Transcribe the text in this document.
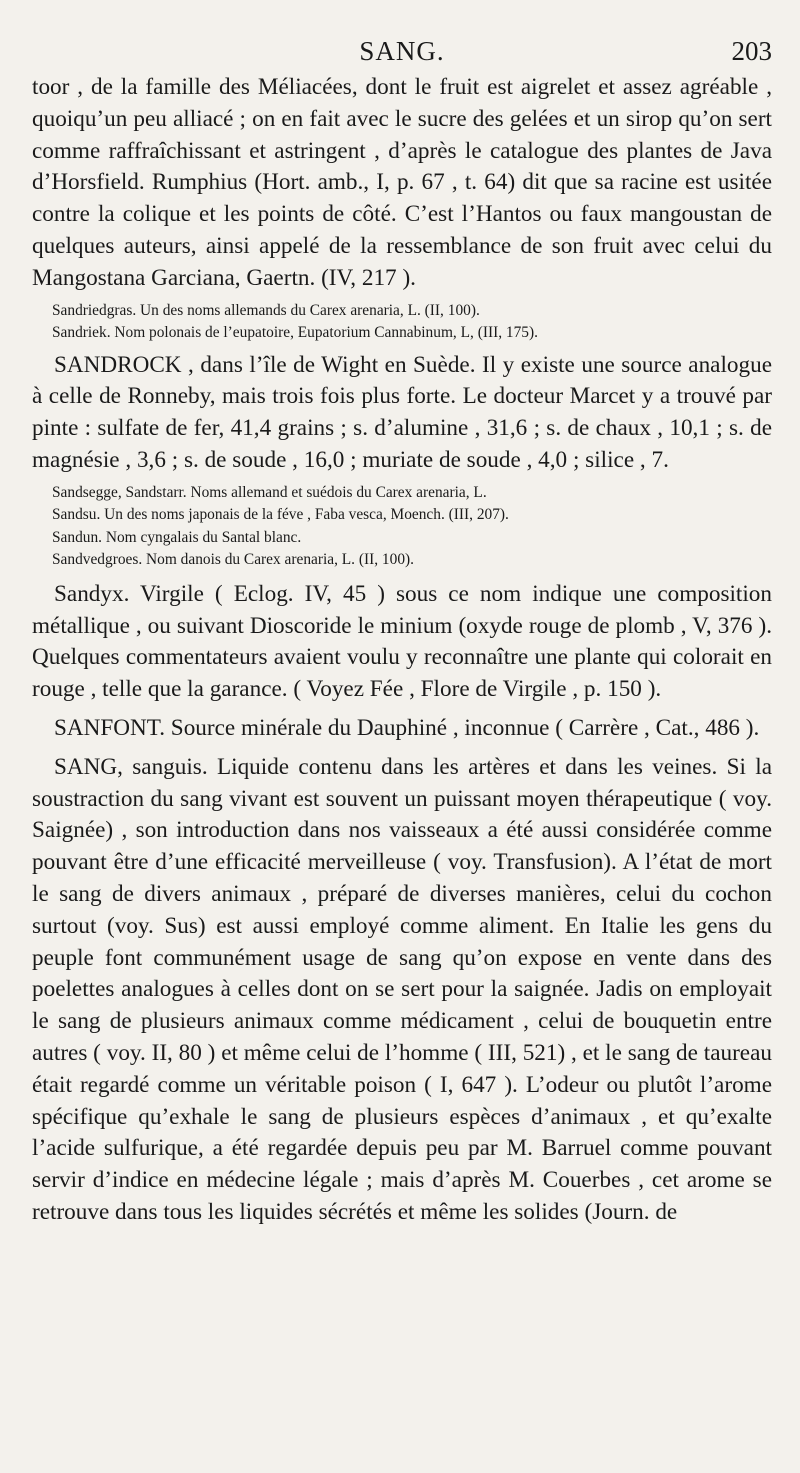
SANG.	203

toor , de la famille des Méliacées, dont le fruit est aigrelet et assez agréable , quoiqu’un peu alliacé ; on en fait avec le sucre des gelées et un sirop qu’on sert comme raffraîchissant et astringent , d’après le catalogue des plantes de Java d’Horsfield. Rumphius (Hort. amb., I, p. 67 , t. 64) dit que sa racine est usitée contre la colique et les points de côté. C’est l’Hantos ou faux mangoustan de quelques auteurs, ainsi appelé de la ressemblance de son fruit avec celui du Mangostana Garciana, Gaertn. (IV, 217 ).

Sandriedgras. Un des noms allemands du Carex arenaria, L. (II, 100).

Sandriek. Nom polonais de l’eupatoire, Eupatorium Cannabinum, L, (III, 175).

SANDROCK , dans l’île de Wight en Suède. Il y existe une source analogue à celle de Ronneby, mais trois fois plus forte. Le docteur Marcet y a trouvé par pinte : sulfate de fer, 41,4 grains ; s. d’alumine , 31,6 ; s. de chaux , 10,1 ; s. de magnésie , 3,6 ; s. de soude , 16,0 ; muriate de soude , 4,0 ; silice , 7.

Sandsegge, Sandstarr. Noms allemand et suédois du Carex arenaria, L.

Sandsu. Un des noms japonais de la féve , Faba vesca, Moench. (III, 207).

Sandun. Nom cyngalais du Santal blanc.

Sandvedgroes. Nom danois du Carex arenaria, L. (II, 100).

Sandyx. Virgile ( Eclog. IV, 45 ) sous ce nom indique une composition métallique , ou suivant Dioscoride le minium (oxyde rouge de plomb , V, 376 ). Quelques commentateurs avaient voulu y reconnaître une plante qui colorait en rouge , telle que la garance. ( Voyez Fée , Flore de Virgile , p. 150 ).

SANFONT. Source minérale du Dauphiné , inconnue ( Carrère , Cat., 486 ).

SANG, sanguis. Liquide contenu dans les artères et dans les veines. Si la soustraction du sang vivant est souvent un puissant moyen thérapeutique ( voy. Saignée) , son introduction dans nos vaisseaux a été aussi considérée comme pouvant être d’une efficacité merveilleuse ( voy. Transfusion). A l’état de mort le sang de divers animaux , préparé de diverses manières, celui du cochon surtout (voy. Sus) est aussi employé comme aliment. En Italie les gens du peuple font communément usage de sang qu’on expose en vente dans des poelettes analogues à celles dont on se sert pour la saignée. Jadis on employait le sang de plusieurs animaux comme médicament , celui de bouquetin entre autres ( voy. II, 80 ) et même celui de l’homme ( III, 521) , et le sang de taureau était regardé comme un véritable poison ( I, 647 ). L’odeur ou plutôt l’arome spécifique qu’exhale le sang de plusieurs espèces d’animaux , et qu’exalte l’acide sulfurique, a été regardée depuis peu par M. Barruel comme pouvant servir d’indice en médecine légale ; mais d’après M. Couerbes , cet arome se retrouve dans tous les liquides sécrétés et même les solides (Journ. de
